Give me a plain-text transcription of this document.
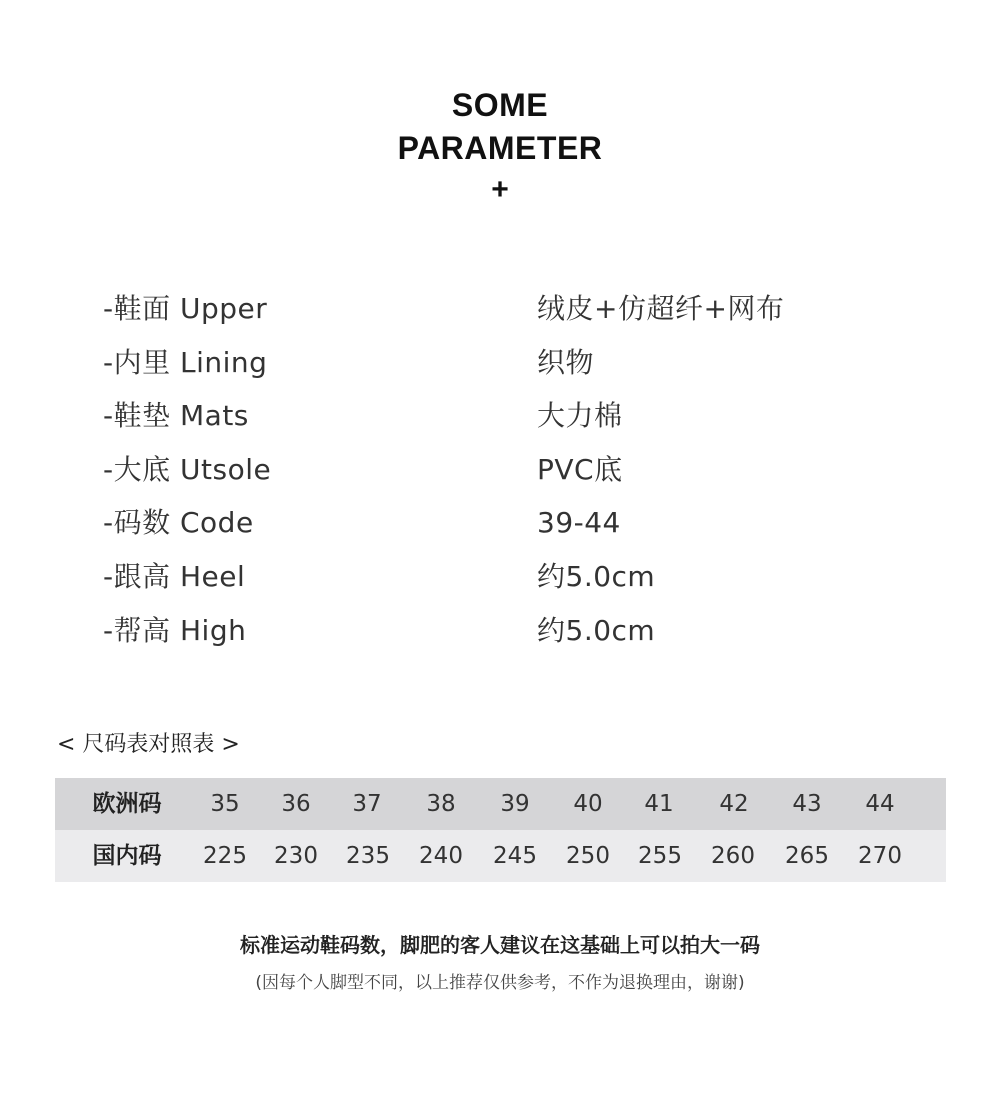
SOME
PARAMETER
+
-鞋面 Upper	绒皮+仿超纤+网布
-内里 Lining	织物
-鞋垫 Mats	大力棉
-大底 Utsole	PVC底
-码数 Code	39-44
-跟高 Heel	约5.0cm
-帮高 High	约5.0cm
< 尺码表对照表 >
欧洲码	35	36	37	38	39	40	41	42	43	44
国内码	225	230	235	240	245	250	255	260	265	270
标准运动鞋码数，脚肥的客人建议在这基础上可以拍大一码
(因每个人脚型不同，以上推荐仅供参考，不作为退换理由，谢谢)
